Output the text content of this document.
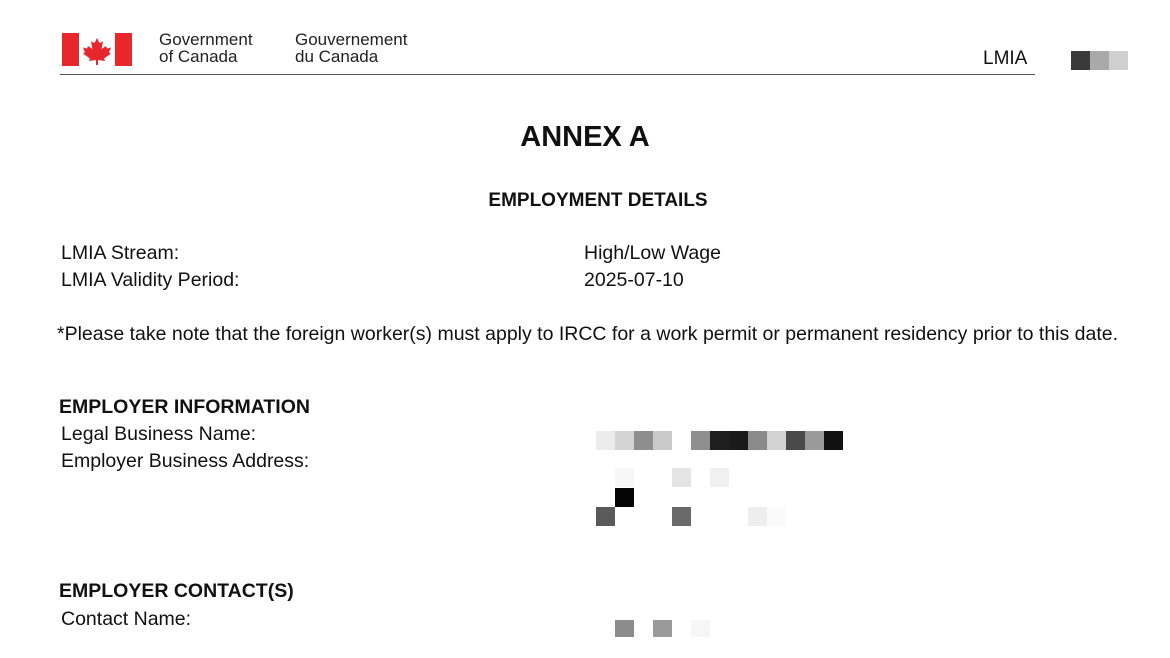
Government
of Canada
Gouvernement
du Canada	LMIA
ANNEX A
EMPLOYMENT DETAILS
LMIA Stream:	High/Low Wage
LMIA Validity Period:	2025-07-10
*Please take note that the foreign worker(s) must apply to IRCC for a work permit or permanent residency prior to this date.
EMPLOYER INFORMATION
Legal Business Name:
Employer Business Address:
EMPLOYER CONTACT(S)
Contact Name:
